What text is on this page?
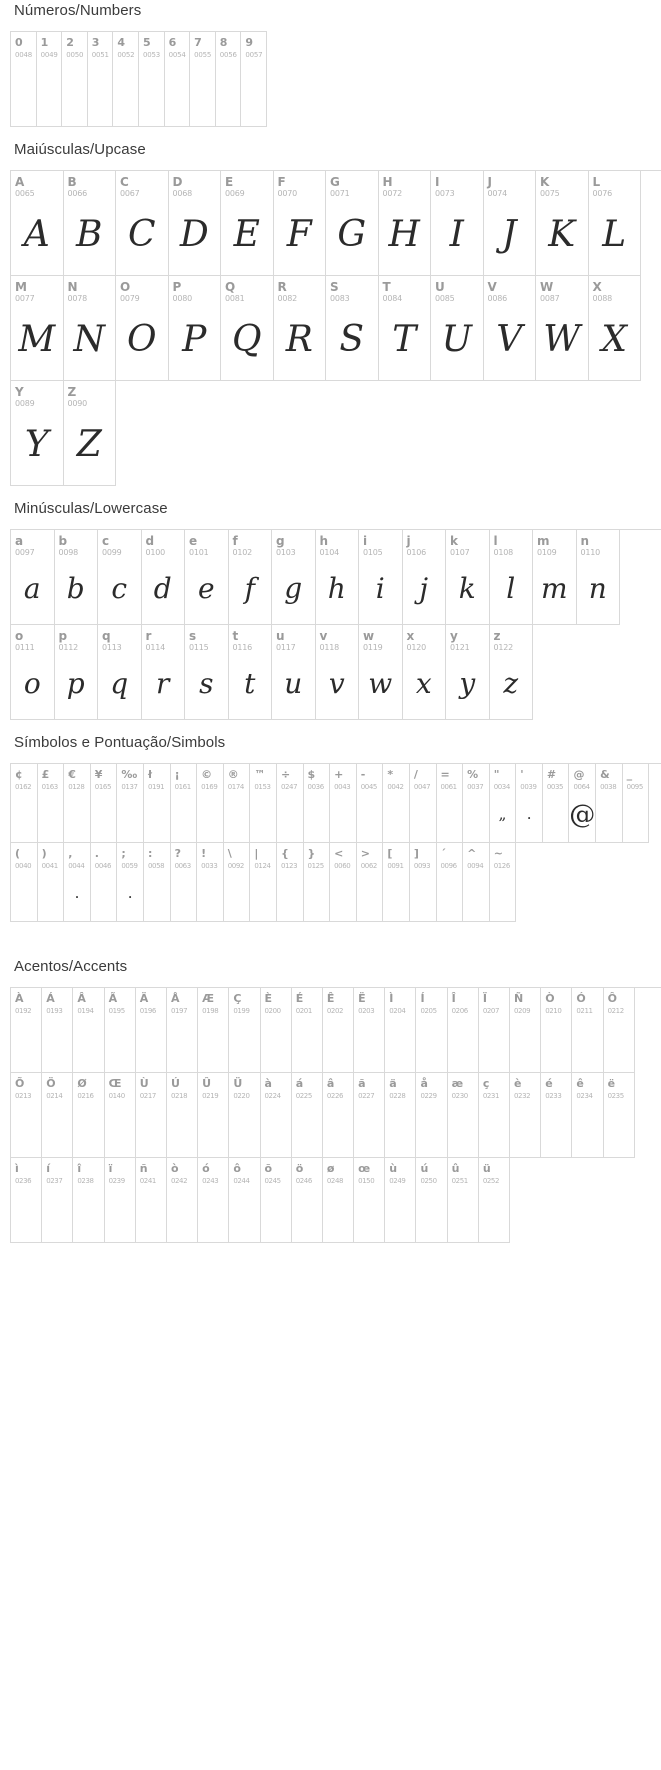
Números/Numbers
0
0048
1
0049
2
0050
3
0051
4
0052
5
0053
6
0054
7
0055
8
0056
9
0057
Maiúsculas/Upcase
A
0065
A
B
0066
B
C
0067
C
D
0068
D
E
0069
E
F
0070
F
G
0071
G
H
0072
H
I
0073
I
J
0074
J
K
0075
K
L
0076
L
M
0077
M
N
0078
N
O
0079
O
P
0080
P
Q
0081
Q
R
0082
R
S
0083
S
T
0084
T
U
0085
U
V
0086
V
W
0087
W
X
0088
X
Y
0089
Y
Z
0090
Z
Minúsculas/Lowercase
a
0097
a
b
0098
b
c
0099
c
d
0100
d
e
0101
e
f
0102
f
g
0103
g
h
0104
h
i
0105
i
j
0106
j
k
0107
k
l
0108
l
m
0109
m
n
0110
n
o
0111
o
p
0112
p
q
0113
q
r
0114
r
s
0115
s
t
0116
t
u
0117
u
v
0118
v
w
0119
w
x
0120
x
y
0121
y
z
0122
z
Símbolos e Pontuação/Simbols
¢
0162
£
0163
€
0128
¥
0165
‰
0137
ł
0191
¡
0161
©
0169
®
0174
™
0153
÷
0247
$
0036
+
0043
-
0045
*
0042
/
0047
=
0061
%
0037
"
0034
„
'
0039
.
#
0035
@
0064
@
&
0038
_
0095
(
0040
)
0041
,
0044
.
.
0046
;
0059
.
:
0058
?
0063
!
0033
\
0092
|
0124
{
0123
}
0125
<
0060
>
0062
[
0091
]
0093
´
0096
^
0094
~
0126
Acentos/Accents
À
0192
Á
0193
Â
0194
Ã
0195
Ä
0196
Å
0197
Æ
0198
Ç
0199
È
0200
É
0201
Ê
0202
Ë
0203
Ì
0204
Í
0205
Î
0206
Ï
0207
Ñ
0209
Ò
0210
Ó
0211
Ô
0212
Õ
0213
Ö
0214
Ø
0216
Œ
0140
Ù
0217
Ú
0218
Û
0219
Ü
0220
à
0224
á
0225
â
0226
ã
0227
ä
0228
å
0229
æ
0230
ç
0231
è
0232
é
0233
ê
0234
ë
0235
ì
0236
í
0237
î
0238
ï
0239
ñ
0241
ò
0242
ó
0243
ô
0244
õ
0245
ö
0246
ø
0248
œ
0150
ù
0249
ú
0250
û
0251
ü
0252
